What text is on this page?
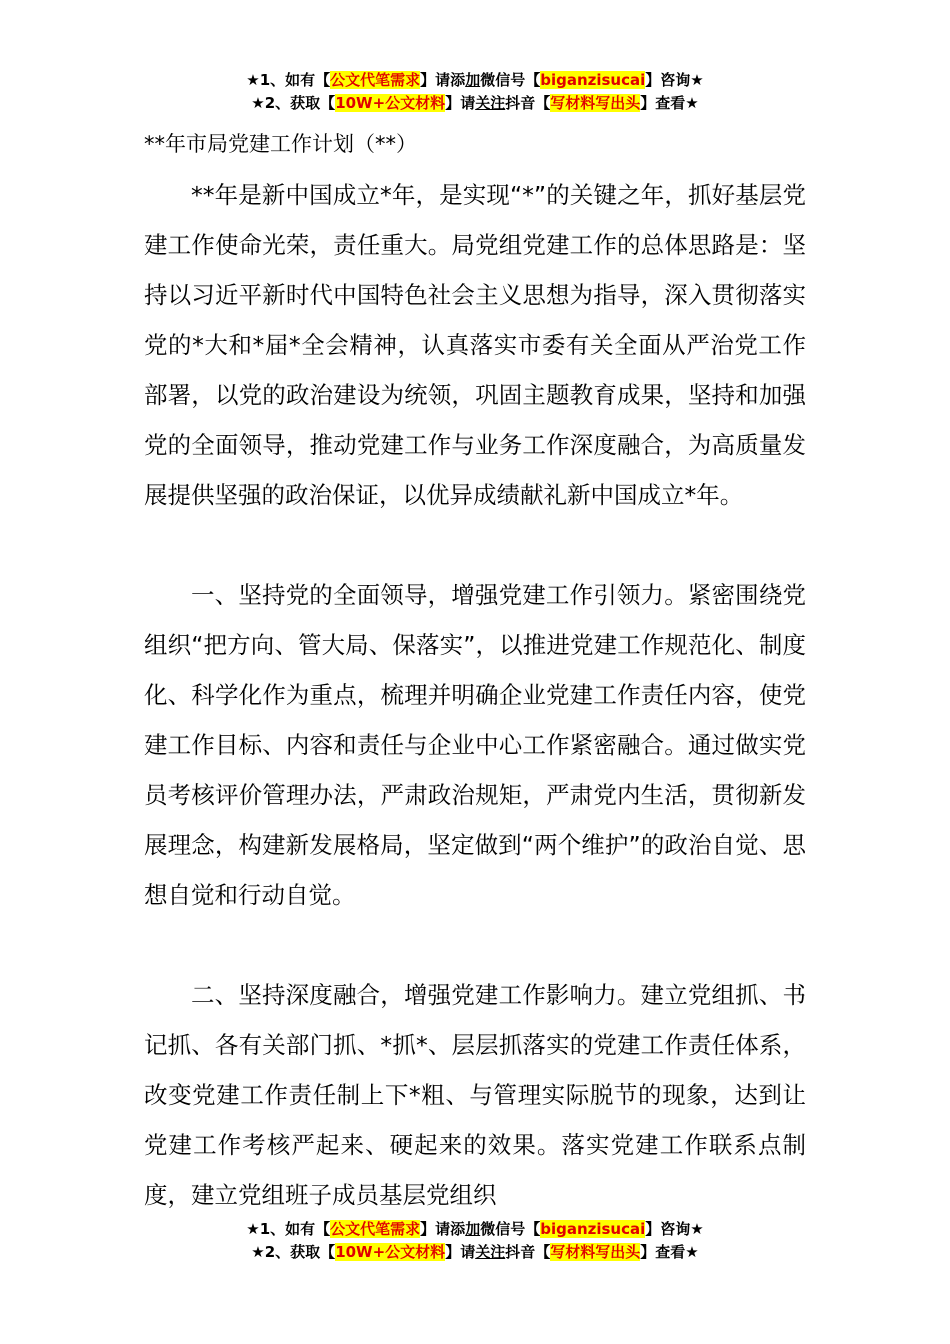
★1、如有【公文代笔需求】请添加微信号【biganzisucai】咨询★
★2、获取【10W+公文材料】请关注抖音【写材料写出头】查看★
**年市局党建工作计划（**）

**年是新中国成立*年，是实现“*”的关键之年，抓好基层党建工作使命光荣，责任重大。局党组党建工作的总体思路是：坚持以习近平新时代中国特色社会主义思想为指导，深入贯彻落实党的*大和*届*全会精神，认真落实市委有关全面从严治党工作部署，以党的政治建设为统领，巩固主题教育成果，坚持和加强党的全面领导，推动党建工作与业务工作深度融合，为高质量发展提供坚强的政治保证，以优异成绩献礼新中国成立*年。

一、坚持党的全面领导，增强党建工作引领力。紧密围绕党组织“把方向、管大局、保落实”，以推进党建工作规范化、制度化、科学化作为重点，梳理并明确企业党建工作责任内容，使党建工作目标、内容和责任与企业中心工作紧密融合。通过做实党员考核评价管理办法，严肃政治规矩，严肃党内生活，贯彻新发展理念，构建新发展格局，坚定做到“两个维护”的政治自觉、思想自觉和行动自觉。

二、坚持深度融合，增强党建工作影响力。建立党组抓、书记抓、各有关部门抓、*抓*、层层抓落实的党建工作责任体系，改变党建工作责任制上下*粗、与管理实际脱节的现象，达到让党建工作考核严起来、硬起来的效果。落实党建工作联系点制度，建立党组班子成员基层党组织

★1、如有【公文代笔需求】请添加微信号【biganzisucai】咨询★
★2、获取【10W+公文材料】请关注抖音【写材料写出头】查看★
